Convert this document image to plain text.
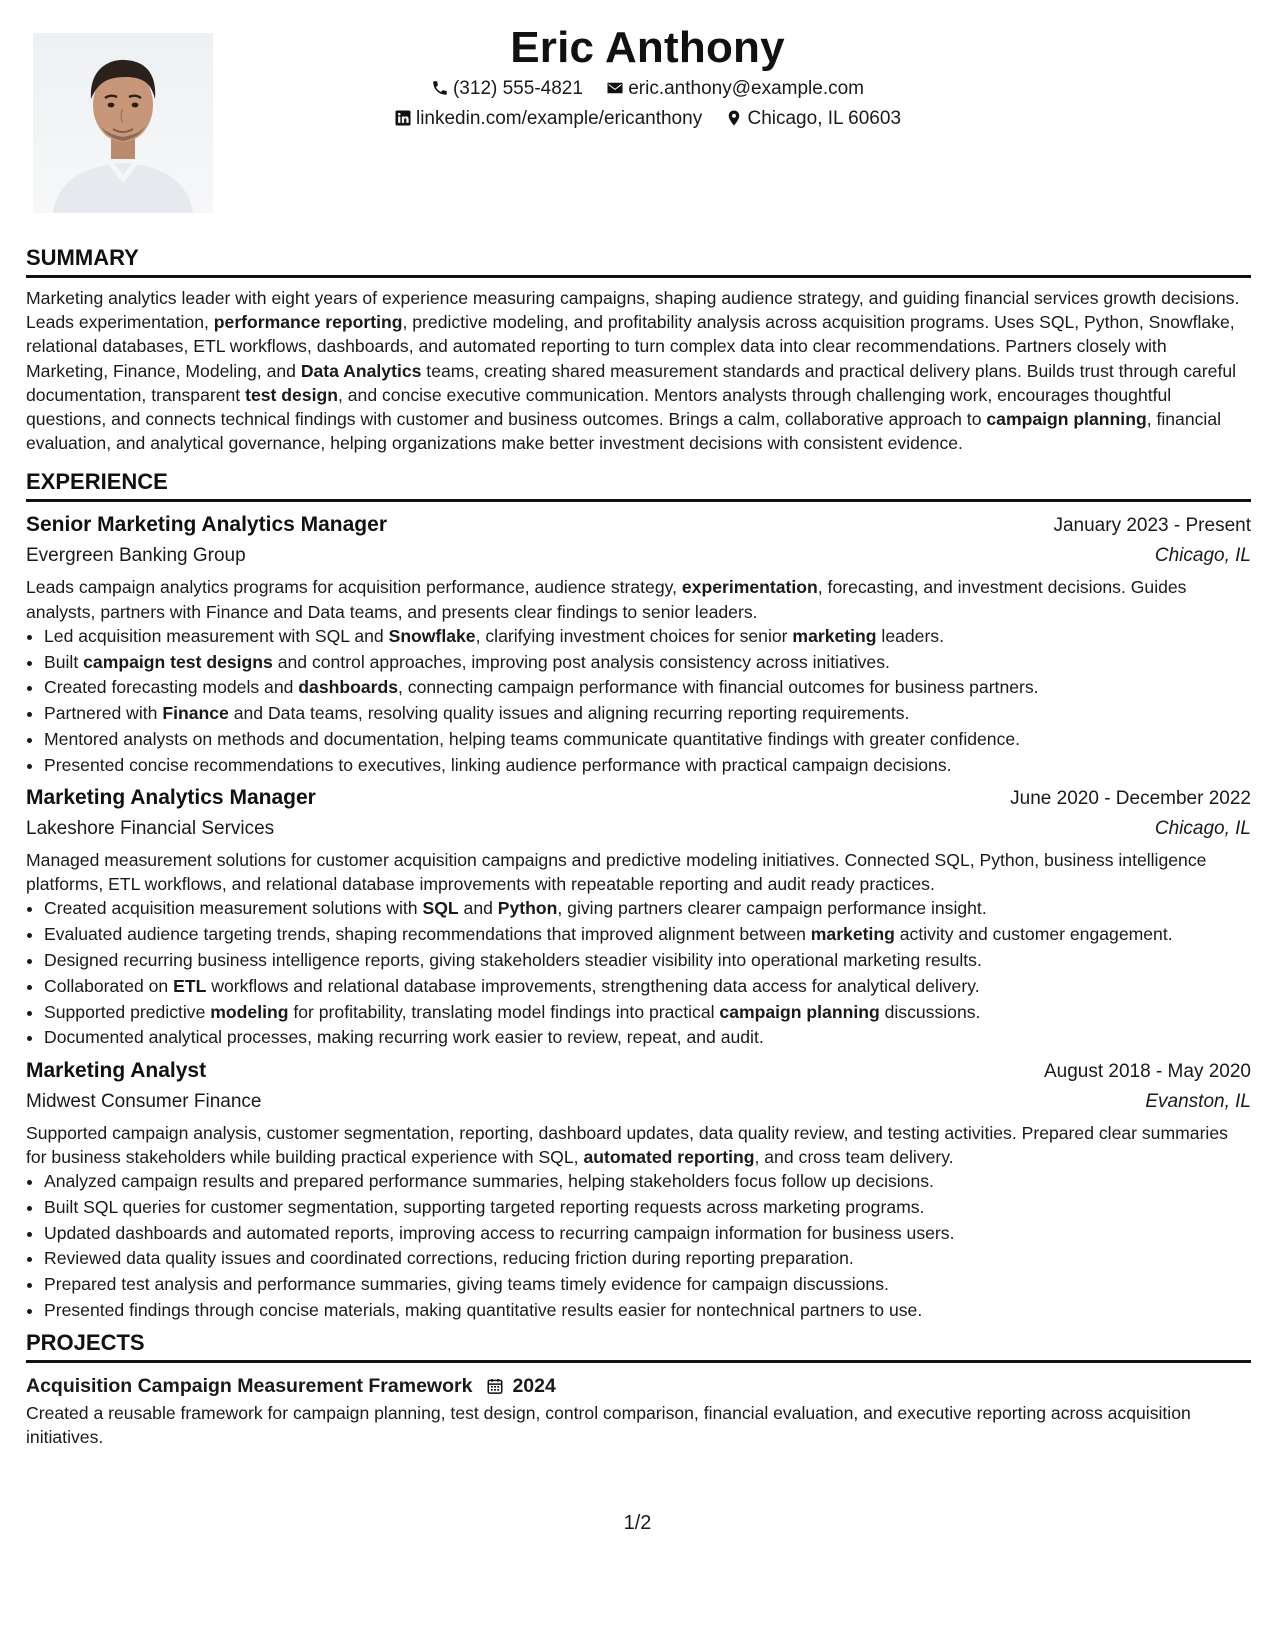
Eric Anthony
(312) 555-4821 eric.anthony@example.com
linkedin.com/example/ericanthony Chicago, IL 60603
SUMMARY

Marketing analytics leader with eight years of experience measuring campaigns, shaping audience strategy, and guiding financial services growth decisions. Leads experimentation, performance reporting, predictive modeling, and profitability analysis across acquisition programs. Uses SQL, Python, Snowflake, relational databases, ETL workflows, dashboards, and automated reporting to turn complex data into clear recommendations. Partners closely with Marketing, Finance, Modeling, and Data Analytics teams, creating shared measurement standards and practical delivery plans. Builds trust through careful documentation, transparent test design, and concise executive communication. Mentors analysts through challenging work, encourages thoughtful questions, and connects technical findings with customer and business outcomes. Brings a calm, collaborative approach to campaign planning, financial evaluation, and analytical governance, helping organizations make better investment decisions with consistent evidence.

EXPERIENCE
Senior Marketing Analytics Manager	January 2023 - Present
Evergreen Banking Group	Chicago, IL

Leads campaign analytics programs for acquisition performance, audience strategy, experimentation, forecasting, and investment decisions. Guides analysts, partners with Finance and Data teams, and presents clear findings to senior leaders.

• Led acquisition measurement with SQL and Snowflake, clarifying investment choices for senior marketing leaders.
• Built campaign test designs and control approaches, improving post analysis consistency across initiatives.
• Created forecasting models and dashboards, connecting campaign performance with financial outcomes for business partners.
• Partnered with Finance and Data teams, resolving quality issues and aligning recurring reporting requirements.
• Mentored analysts on methods and documentation, helping teams communicate quantitative findings with greater confidence.
• Presented concise recommendations to executives, linking audience performance with practical campaign decisions.
Marketing Analytics Manager	June 2020 - December 2022
Lakeshore Financial Services	Chicago, IL

Managed measurement solutions for customer acquisition campaigns and predictive modeling initiatives. Connected SQL, Python, business intelligence platforms, ETL workflows, and relational database improvements with repeatable reporting and audit ready practices.

• Created acquisition measurement solutions with SQL and Python, giving partners clearer campaign performance insight.
• Evaluated audience targeting trends, shaping recommendations that improved alignment between marketing activity and customer engagement.
• Designed recurring business intelligence reports, giving stakeholders steadier visibility into operational marketing results.
• Collaborated on ETL workflows and relational database improvements, strengthening data access for analytical delivery.
• Supported predictive modeling for profitability, translating model findings into practical campaign planning discussions.
• Documented analytical processes, making recurring work easier to review, repeat, and audit.
Marketing Analyst	August 2018 - May 2020
Midwest Consumer Finance	Evanston, IL

Supported campaign analysis, customer segmentation, reporting, dashboard updates, data quality review, and testing activities. Prepared clear summaries for business stakeholders while building practical experience with SQL, automated reporting, and cross team delivery.

• Analyzed campaign results and prepared performance summaries, helping stakeholders focus follow up decisions.
• Built SQL queries for customer segmentation, supporting targeted reporting requests across marketing programs.
• Updated dashboards and automated reports, improving access to recurring campaign information for business users.
• Reviewed data quality issues and coordinated corrections, reducing friction during reporting preparation.
• Prepared test analysis and performance summaries, giving teams timely evidence for campaign discussions.
• Presented findings through concise materials, making quantitative results easier for nontechnical partners to use.
PROJECTS
Acquisition Campaign Measurement Framework 2024

Created a reusable framework for campaign planning, test design, control comparison, financial evaluation, and executive reporting across acquisition initiatives.

1/2
